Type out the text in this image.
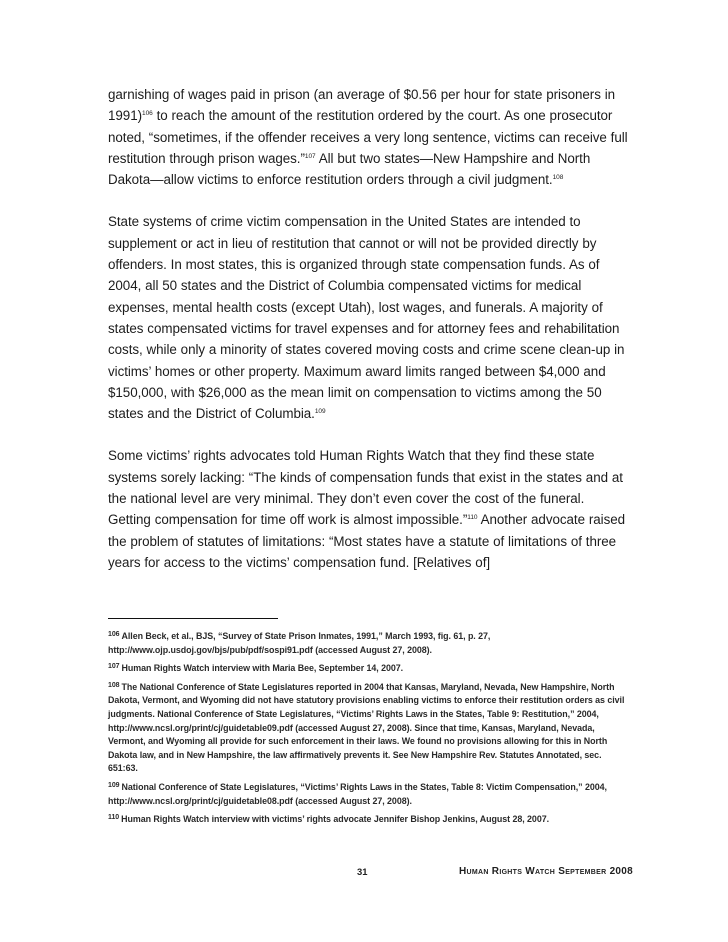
garnishing of wages paid in prison (an average of $0.56 per hour for state prisoners in 1991)$^{106}$ to reach the amount of the restitution ordered by the court. As one prosecutor noted, “sometimes, if the offender receives a very long sentence, victims can receive full restitution through prison wages.”$^{107}$ All but two states—New Hampshire and North Dakota—allow victims to enforce restitution orders through a civil judgment.$^{108}$

State systems of crime victim compensation in the United States are intended to supplement or act in lieu of restitution that cannot or will not be provided directly by offenders. In most states, this is organized through state compensation funds. As of 2004, all 50 states and the District of Columbia compensated victims for medical expenses, mental health costs (except Utah), lost wages, and funerals. A majority of states compensated victims for travel expenses and for attorney fees and rehabilitation costs, while only a minority of states covered moving costs and crime scene clean-up in victims’ homes or other property. Maximum award limits ranged between $4,000 and $150,000, with $26,000 as the mean limit on compensation to victims among the 50 states and the District of Columbia.$^{109}$

Some victims’ rights advocates told Human Rights Watch that they find these state systems sorely lacking: “The kinds of compensation funds that exist in the states and at the national level are very minimal. They don’t even cover the cost of the funeral. Getting compensation for time off work is almost impossible.”$^{110}$ Another advocate raised the problem of statutes of limitations: “Most states have a statute of limitations of three years for access to the victims’ compensation fund. [Relatives of]

$^{106}$ Allen Beck, et al., BJS, “Survey of State Prison Inmates, 1991,” March 1993, fig. 61, p. 27, http://www.ojp.usdoj.gov/bjs/pub/pdf/sospi91.pdf (accessed August 27, 2008).

$^{107}$ Human Rights Watch interview with Maria Bee, September 14, 2007.

$^{108}$ The National Conference of State Legislatures reported in 2004 that Kansas, Maryland, Nevada, New Hampshire, North Dakota, Vermont, and Wyoming did not have statutory provisions enabling victims to enforce their restitution orders as civil judgments. National Conference of State Legislatures, “Victims’ Rights Laws in the States, Table 9: Restitution,” 2004, http://www.ncsl.org/print/cj/guidetable09.pdf (accessed August 27, 2008). Since that time, Kansas, Maryland, Nevada, Vermont, and Wyoming all provide for such enforcement in their laws. We found no provisions allowing for this in North Dakota law, and in New Hampshire, the law affirmatively prevents it. See New Hampshire Rev. Statutes Annotated, sec. 651:63.

$^{109}$ National Conference of State Legislatures, “Victims’ Rights Laws in the States, Table 8: Victim Compensation,” 2004, http://www.ncsl.org/print/cj/guidetable08.pdf (accessed August 27, 2008).

$^{110}$ Human Rights Watch interview with victims’ rights advocate Jennifer Bishop Jenkins, August 28, 2007.

31	Human Rights Watch September 2008
